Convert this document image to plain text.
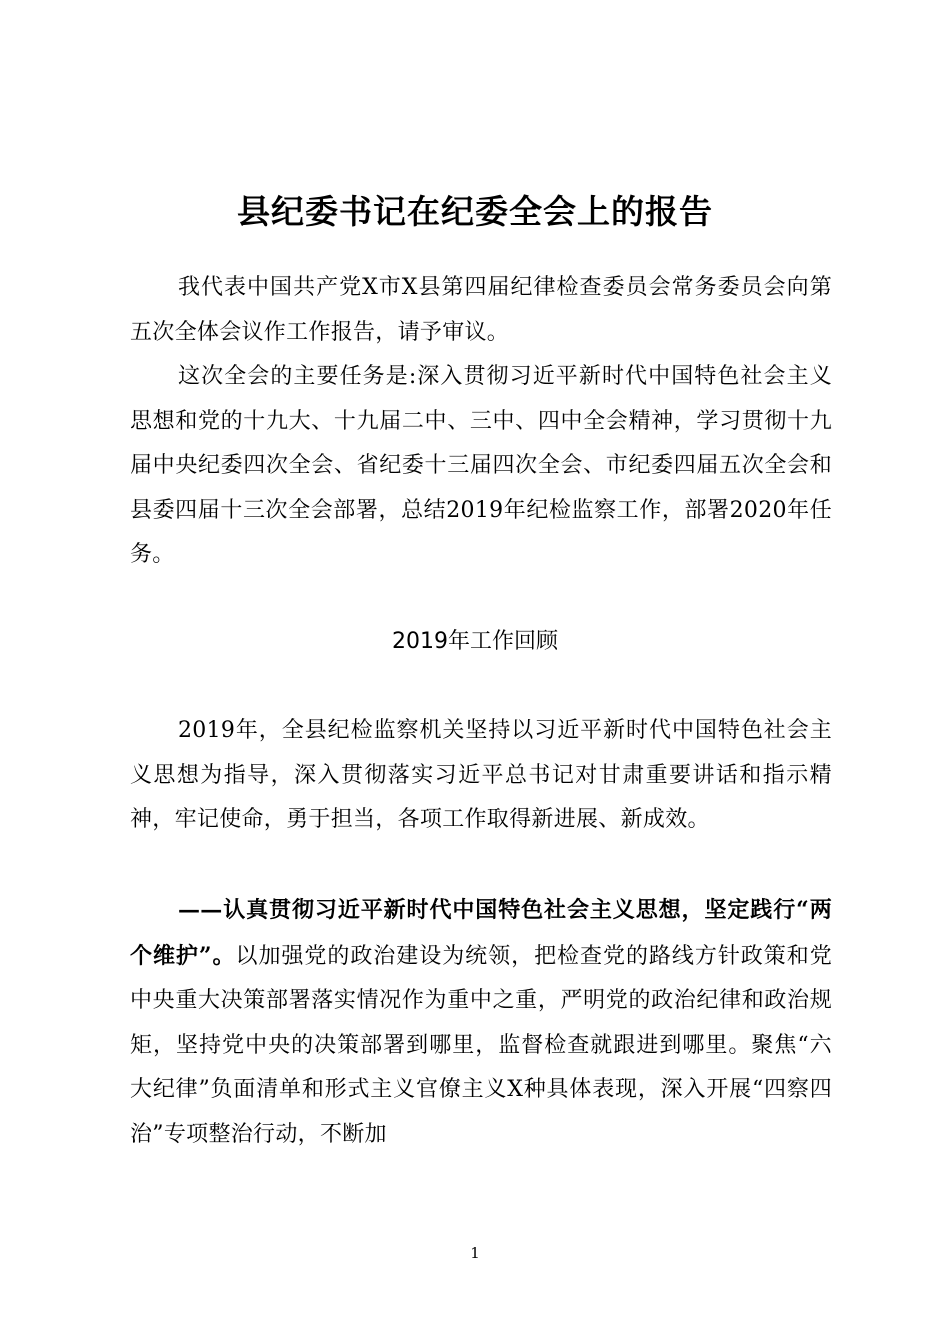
县纪委书记在纪委全会上的报告

我代表中国共产党X市X县第四届纪律检查委员会常务委员会向第五次全体会议作工作报告，请予审议。

这次全会的主要任务是:深入贯彻习近平新时代中国特色社会主义思想和党的十九大、十九届二中、三中、四中全会精神，学习贯彻十九届中央纪委四次全会、省纪委十三届四次全会、市纪委四届五次全会和县委四届十三次全会部署，总结2019年纪检监察工作，部署2020年任务。

2019年工作回顾

2019年，全县纪检监察机关坚持以习近平新时代中国特色社会主义思想为指导，深入贯彻落实习近平总书记对甘肃重要讲话和指示精神，牢记使命，勇于担当，各项工作取得新进展、新成效。

——认真贯彻习近平新时代中国特色社会主义思想，坚定践行“两个维护”。以加强党的政治建设为统领，把检查党的路线方针政策和党中央重大决策部署落实情况作为重中之重，严明党的政治纪律和政治规矩，坚持党中央的决策部署到哪里，监督检查就跟进到哪里。聚焦“六大纪律”负面清单和形式主义官僚主义X种具体表现，深入开展“四察四治”专项整治行动，不断加

1
